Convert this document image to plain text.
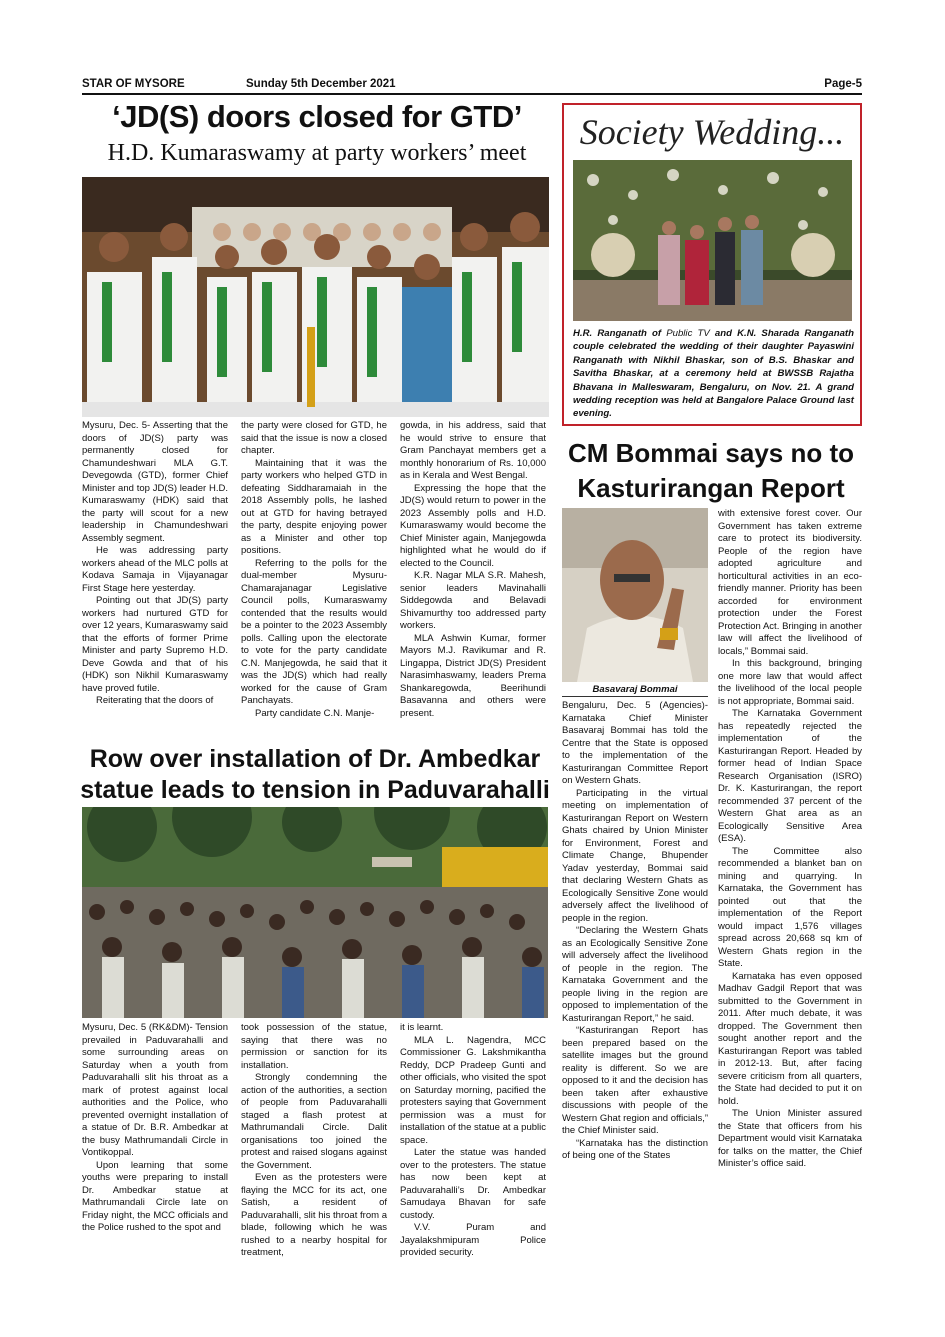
STAR OF MYSORE	Sunday 5th December 2021	Page-5
‘JD(S) doors closed for GTD’
H.D. Kumaraswamy at party workers’ meet

Mysuru, Dec. 5- Asserting that the doors of JD(S) party was permanently closed for Chamundeshwari MLA G.T. Devegowda (GTD), former Chief Minister and top JD(S) leader H.D. Kumaraswamy (HDK) said that the party will scout for a new leadership in Chamundeshwari Assembly segment.

He was addressing party workers ahead of the MLC polls at Kodava Samaja in Vijayanagar First Stage here yesterday.

Pointing out that JD(S) party workers had nurtured GTD for over 12 years, Kumaraswamy said that the efforts of former Prime Minister and party Supremo H.D. Deve Gowda and that of his (HDK) son Nikhil Kumaraswamy have proved futile.

Reiterating that the doors of

the party were closed for GTD, he said that the issue is now a closed chapter.

Maintaining that it was the party workers who helped GTD in defeating Siddharamaiah in the 2018 Assembly polls, he lashed out at GTD for having betrayed the party, despite enjoying power as a Minister and other top positions.

Referring to the polls for the dual-member Mysuru-Chamarajanagar Legislative Council polls, Kumaraswamy contended that the results would be a pointer to the 2023 Assembly polls. Calling upon the electorate to vote for the party candidate C.N. Manjegowda, he said that it was the JD(S) which had really worked for the cause of Gram Panchayats.

Party candidate C.N. Manje-

gowda, in his address, said that he would strive to ensure that Gram Panchayat members get a monthly honorarium of Rs. 10,000 as in Kerala and West Bengal.

Expressing the hope that the JD(S) would return to power in the 2023 Assembly polls and H.D. Kumaraswamy would become the Chief Minister again, Manjegowda highlighted what he would do if elected to the Council.

K.R. Nagar MLA S.R. Mahesh, senior leaders Mavinahalli Siddegowda and Belavadi Shivamurthy too addressed party workers.

MLA Ashwin Kumar, former Mayors M.J. Ravikumar and R. Lingappa, District JD(S) President Narasimhaswamy, leaders Prema Shankaregowda, Beerihundi Basavanna and others were present.

Society Wedding...
H.R. Ranganath of Public TV and K.N. Sharada Ranganath couple celebrated the wedding of their daughter Payaswini Ranganath with Nikhil Bhaskar, son of B.S. Bhaskar and Savitha Bhaskar, at a ceremony held at BWSSB Rajatha Bhavana in Malleswaram, Bengaluru, on Nov. 21. A grand wedding reception was held at Bangalore Palace Ground last evening.
CM Bommai says no to
Kasturirangan Report
Basavaraj Bommai

Bengaluru, Dec. 5 (Agencies)- Karnataka Chief Minister Basavaraj Bommai has told the Centre that the State is opposed to the implementation of the Kasturirangan Committee Report on Western Ghats.

Participating in the virtual meeting on implementation of Kasturirangan Report on Western Ghats chaired by Union Minister for Environment, Forest and Climate Change, Bhupender Yadav yesterday, Bommai said that declaring Western Ghats as Ecologically Sensitive Zone would adversely affect the livelihood of people in the region.

“Declaring the Western Ghats as an Ecologically Sensitive Zone will adversely affect the livelihood of people in the region. The Karnataka Government and the people living in the region are opposed to implementation of the Kasturirangan Report,” he said.

“Kasturirangan Report has been prepared based on the satellite images but the ground reality is different. So we are opposed to it and the decision has been taken after exhaustive discussions with people of the Western Ghat region and officials,” the Chief Minister said.

“Karnataka has the distinction of being one of the States

with extensive forest cover. Our Government has taken extreme care to protect its biodiversity. People of the region have adopted agriculture and horticultural activities in an eco-friendly manner. Priority has been accorded for environment protection under the Forest Protection Act. Bringing in another law will affect the livelihood of locals,” Bommai said.

In this background, bringing one more law that would affect the livelihood of the local people is not appropriate, Bommai said.

The Karnataka Government has repeatedly rejected the implementation of the Kasturirangan Report. Headed by former head of Indian Space Research Organisation (ISRO) Dr. K. Kasturirangan, the report recommended 37 percent of the Western Ghat area as an Ecologically Sensitive Area (ESA).

The Committee also recommended a blanket ban on mining and quarrying. In Karnataka, the Government has pointed out that the implementation of the Report would impact 1,576 villages spread across 20,668 sq km of Western Ghats region in the State.

Karnataka has even opposed Madhav Gadgil Report that was submitted to the Government in 2011. After much debate, it was dropped. The Government then sought another report and the Kasturirangan Report was tabled in 2012-13. But, after facing severe criticism from all quarters, the State had decided to put it on hold.

The Union Minister assured the State that officers from his Department would visit Karnataka for talks on the matter, the Chief Minister’s office said.

Row over installation of Dr. Ambedkar
statue leads to tension in Paduvarahalli

Mysuru, Dec. 5 (RK&DM)- Tension prevailed in Paduvarahalli and some surrounding areas on Saturday when a youth from Paduvarahalli slit his throat as a mark of protest against local authorities and the Police, who prevented overnight installation of a statue of Dr. B.R. Ambedkar at the busy Mathrumandali Circle in Vontikoppal.

Upon learning that some youths were preparing to install Dr. Ambedkar statue at Mathrumandali Circle late on Friday night, the MCC officials and the Police rushed to the spot and

took possession of the statue, saying that there was no permission or sanction for its installation.

Strongly condemning the action of the authorities, a section of people from Paduvarahalli staged a flash protest at Mathrumandali Circle. Dalit organisations too joined the protest and raised slogans against the Government.

Even as the protesters were flaying the MCC for its act, one Satish, a resident of Paduvarahalli, slit his throat from a blade, following which he was rushed to a nearby hospital for treatment,

it is learnt.

MLA L. Nagendra, MCC Commissioner G. Lakshmikantha Reddy, DCP Pradeep Gunti and other officials, who visited the spot on Saturday morning, pacified the protesters saying that Government permission was a must for installation of the statue at a public space.

Later the statue was handed over to the protesters. The statue has now been kept at Paduvarahalli’s Dr. Ambedkar Samudaya Bhavan for safe custody.

V.V. Puram and Jayalakshmipuram Police provided security.
